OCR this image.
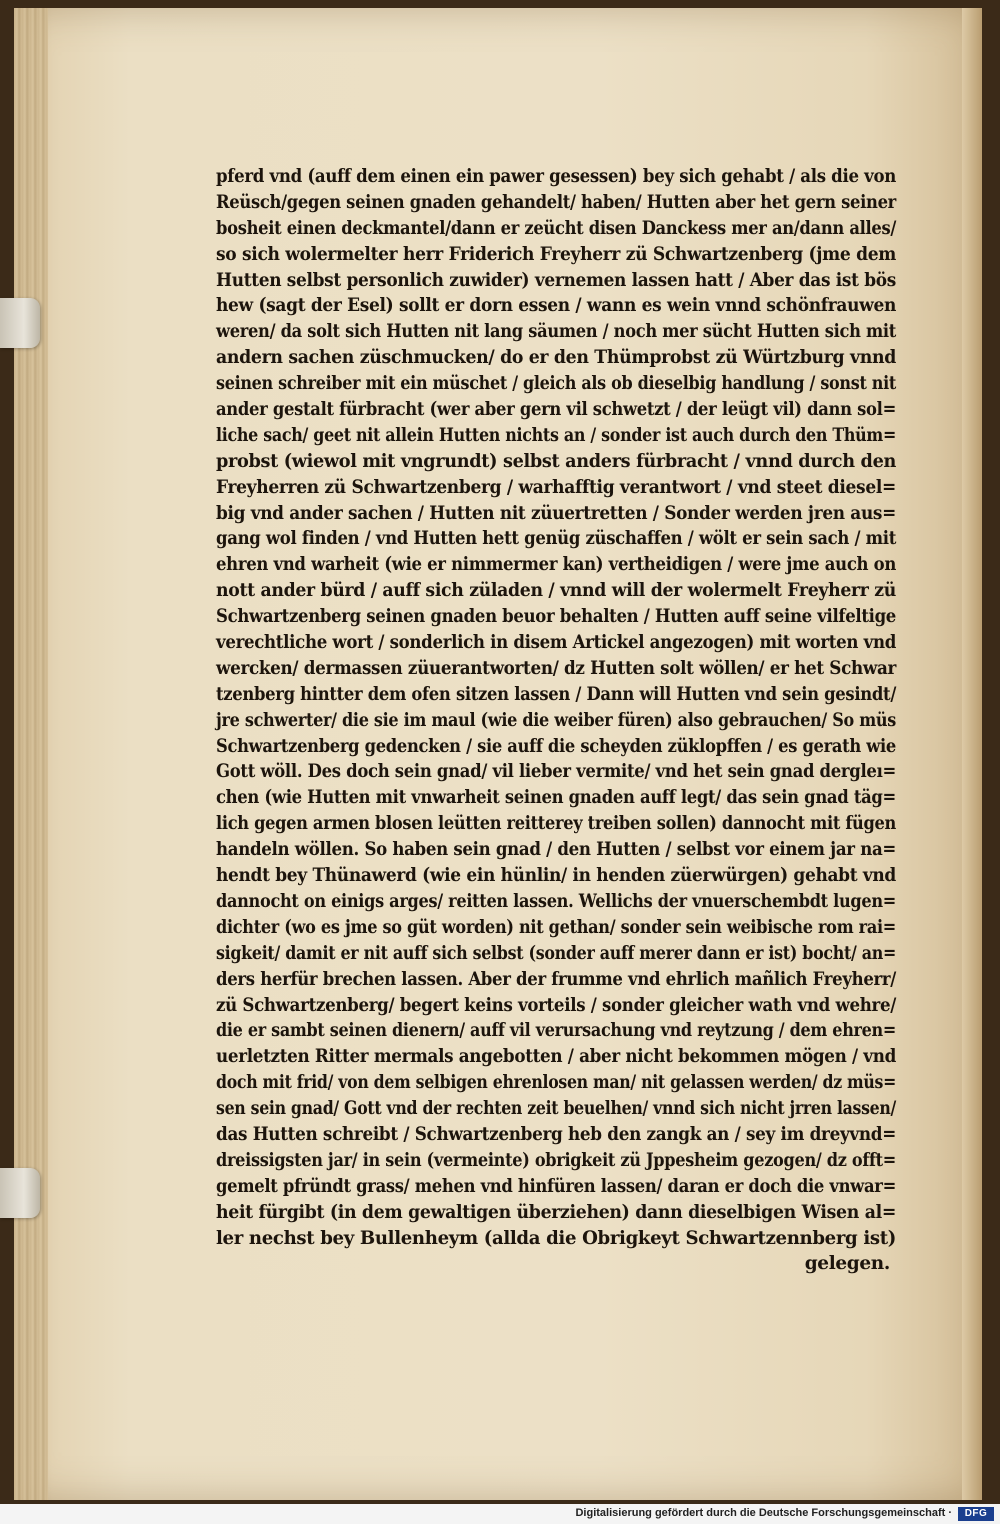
pferd vnd (auff dem einen ein pawer gesessen) bey sich gehabt / als die von
Reüsch/gegen seinen gnaden gehandelt/ haben/ Hutten aber het gern seiner
bosheit einen deckmantel/dann er zeücht disen Danckess mer an/dann alles/
so sich wolermelter herr Friderich Freyherr zü Schwartzenberg (jme dem
Hutten selbst personlich zuwider) vernemen lassen hatt / Aber das ist bös
hew (sagt der Esel) sollt er dorn essen / wann es wein vnnd schönfrauwen
weren/ da solt sich Hutten nit lang säumen / noch mer sücht Hutten sich mit
andern sachen züschmucken/ do er den Thümprobst zü Würtzburg vnnd
seinen schreiber mit ein müschet / gleich als ob dieselbig handlung / sonst nit
ander gestalt fürbracht (wer aber gern vil schwetzt / der leügt vil) dann sol=
liche sach/ geet nit allein Hutten nichts an / sonder ist auch durch den Thüm=
probst (wiewol mit vngrundt) selbst anders fürbracht / vnnd durch den
Freyherren zü Schwartzenberg / warhafftig verantwort / vnd steet diesel=
big vnd ander sachen / Hutten nit züuertretten / Sonder werden jren aus=
gang wol finden / vnd Hutten hett genüg züschaffen / wölt er sein sach / mit
ehren vnd warheit (wie er nimmermer kan) vertheidigen / were jme auch on
nott ander bürd / auff sich züladen / vnnd will der wolermelt Freyherr zü
Schwartzenberg seinen gnaden beuor behalten / Hutten auff seine vilfeltige
verechtliche wort / sonderlich in disem Artickel angezogen) mit worten vnd
wercken/ dermassen züuerantworten/ dz Hutten solt wöllen/ er het Schwar
tzenberg hintter dem ofen sitzen lassen / Dann will Hutten vnd sein gesindt/
jre schwerter/ die sie im maul (wie die weiber füren) also gebrauchen/ So müs
Schwartzenberg gedencken / sie auff die scheyden züklopffen / es gerath wie
Gott wöll. Des doch sein gnad/ vil lieber vermite/ vnd het sein gnad dergleı=
chen (wie Hutten mit vnwarheit seinen gnaden auff legt/ das sein gnad täg=
lich gegen armen blosen leütten reitterey treiben sollen) dannocht mit fügen
handeln wöllen. So haben sein gnad / den Hutten / selbst vor einem jar na=
hendt bey Thünawerd (wie ein hünlin/ in henden züerwürgen) gehabt vnd
dannocht on einigs arges/ reitten lassen. Wellichs der vnuerschembdt lugen=
dichter (wo es jme so güt worden) nit gethan/ sonder sein weibische rom rai=
sigkeit/ damit er nit auff sich selbst (sonder auff merer dann er ist) bocht/ an=
ders herfür brechen lassen. Aber der frumme vnd ehrlich mañlich Freyherr/
zü Schwartzenberg/ begert keins vorteils / sonder gleicher wath vnd wehre/
die er sambt seinen dienern/ auff vil verursachung vnd reytzung / dem ehren=
uerletzten Ritter mermals angebotten / aber nicht bekommen mögen / vnd
doch mit frid/ von dem selbigen ehrenlosen man/ nit gelassen werden/ dz müs=
sen sein gnad/ Gott vnd der rechten zeit beuelhen/ vnnd sich nicht jrren lassen/
das Hutten schreibt / Schwartzenberg heb den zangk an / sey im dreyvnd=
dreissigsten jar/ in sein (vermeinte) obrigkeit zü Jppesheim gezogen/ dz offt=
gemelt pfründt grass/ mehen vnd hinfüren lassen/ daran er doch die vnwar=
heit fürgibt (in dem gewaltigen überziehen) dann dieselbigen Wisen al=
ler nechst bey Bullenheym (allda die Obrigkeyt Schwartzennberg ist)
gelegen.
Digitalisierung gefördert durch die Deutsche Forschungsgemeinschaft ·	DFG
